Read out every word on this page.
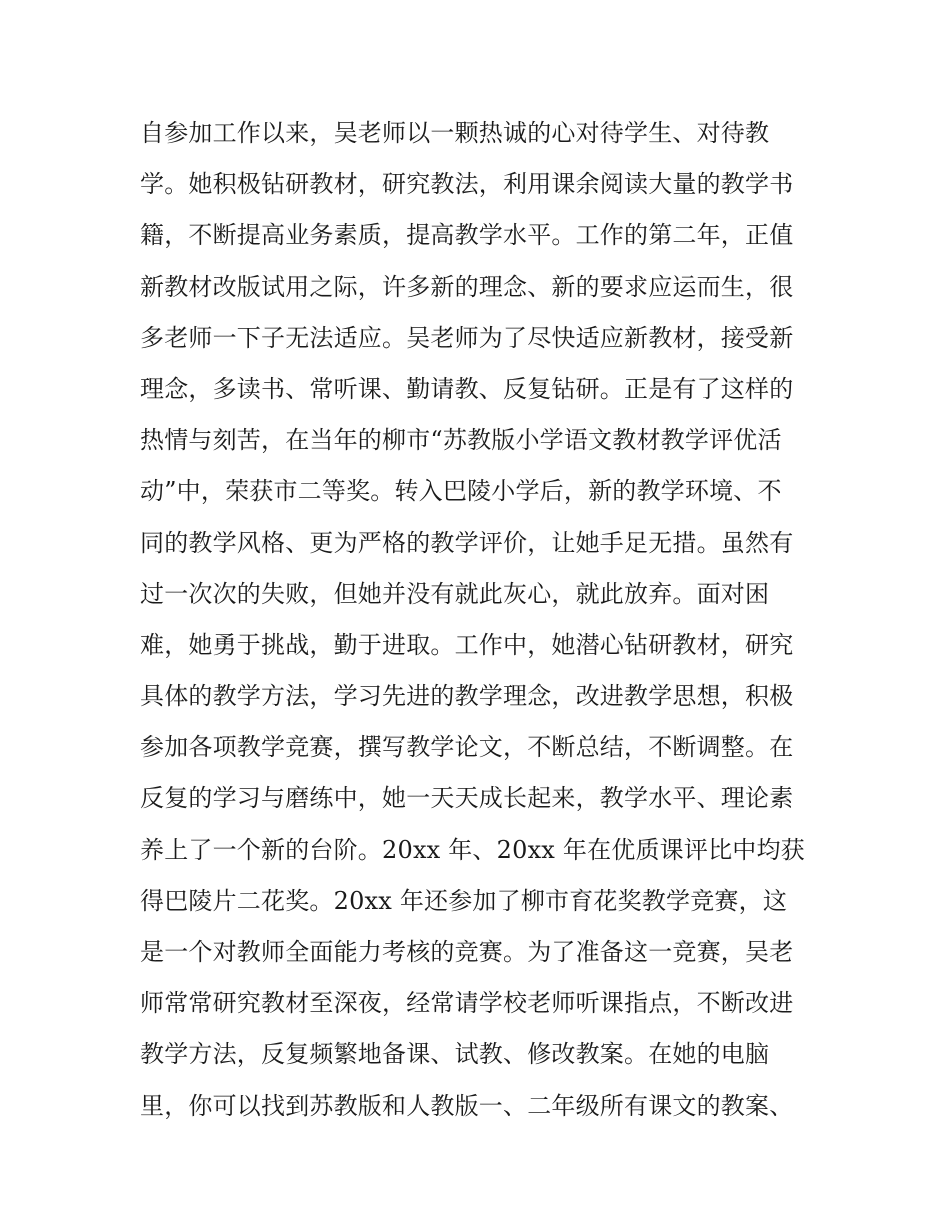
自参加工作以来，吴老师以一颗热诚的心对待学生、对待教
学。她积极钻研教材，研究教法，利用课余阅读大量的教学书
籍，不断提高业务素质，提高教学水平。工作的第二年，正值
新教材改版试用之际，许多新的理念、新的要求应运而生，很
多老师一下子无法适应。吴老师为了尽快适应新教材，接受新
理念，多读书、常听课、勤请教、反复钻研。正是有了这样的
热情与刻苦，在当年的柳市“苏教版小学语文教材教学评优活
动”中，荣获市二等奖。转入巴陵小学后，新的教学环境、不
同的教学风格、更为严格的教学评价，让她手足无措。虽然有
过一次次的失败，但她并没有就此灰心，就此放弃。面对困
难，她勇于挑战，勤于进取。工作中，她潜心钻研教材，研究
具体的教学方法，学习先进的教学理念，改进教学思想，积极
参加各项教学竞赛，撰写教学论文，不断总结，不断调整。在
反复的学习与磨练中，她一天天成长起来，教学水平、理论素
养上了一个新的台阶。20xx 年、20xx 年在优质课评比中均获
得巴陵片二花奖。20xx 年还参加了柳市育花奖教学竞赛，这
是一个对教师全面能力考核的竞赛。为了准备这一竞赛，吴老
师常常研究教材至深夜，经常请学校老师听课指点，不断改进
教学方法，反复频繁地备课、试教、修改教案。在她的电脑
里，你可以找到苏教版和人教版一、二年级所有课文的教案、
